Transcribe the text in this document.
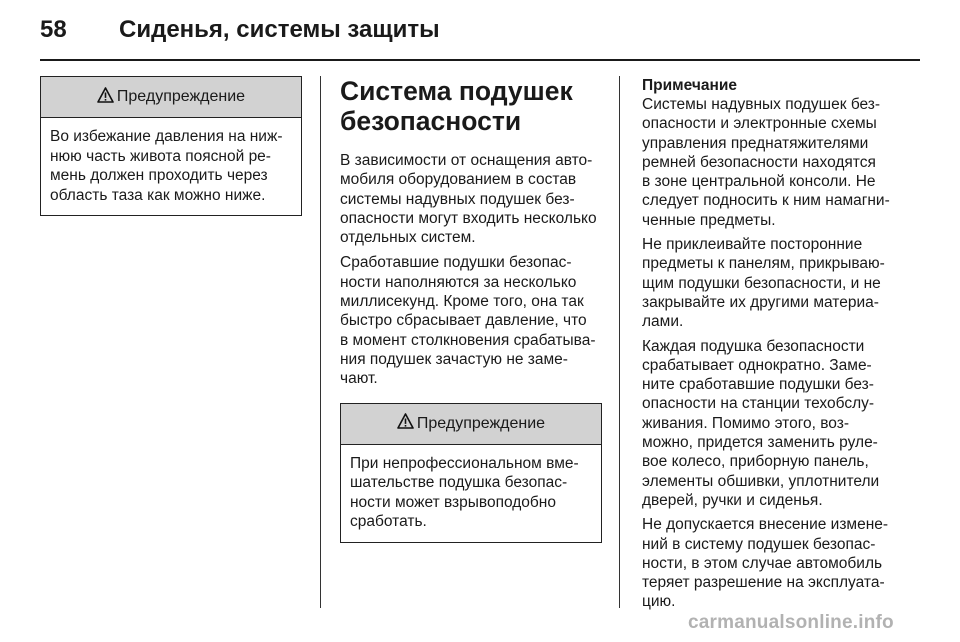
58 Сиденья, системы защиты
Предупреждение
Во избежание давления на ниж-
нюю часть живота поясной ре-
мень должен проходить через
область таза как можно ниже.
Система подушек
безопасности

В зависимости от оснащения авто-
мобиля оборудованием в состав
системы надувных подушек без-
опасности могут входить несколько
отдельных систем.

Сработавшие подушки безопас-
ности наполняются за несколько
миллисекунд. Кроме того, она так
быстро сбрасывает давление, что
в момент столкновения срабатыва-
ния подушек зачастую не заме-
чают.

Предупреждение
При непрофессиональном вме-
шательстве подушка безопас-
ности может взрывоподобно
сработать.
Примечание

Системы надувных подушек без-
опасности и электронные схемы
управления преднатяжителями
ремней безопасности находятся
в зоне центральной консоли. Не
следует подносить к ним намагни-
ченные предметы.

Не приклеивайте посторонние
предметы к панелям, прикрываю-
щим подушки безопасности, и не
закрывайте их другими материа-
лами.

Каждая подушка безопасности
срабатывает однократно. Заме-
ните сработавшие подушки без-
опасности на станции техобслу-
живания. Помимо этого, воз-
можно, придется заменить руле-
вое колесо, приборную панель,
элементы обшивки, уплотнители
дверей, ручки и сиденья.

Не допускается внесение измене-
ний в систему подушек безопас-
ности, в этом случае автомобиль
теряет разрешение на эксплуата-
цию.

carmanualsonline.info
